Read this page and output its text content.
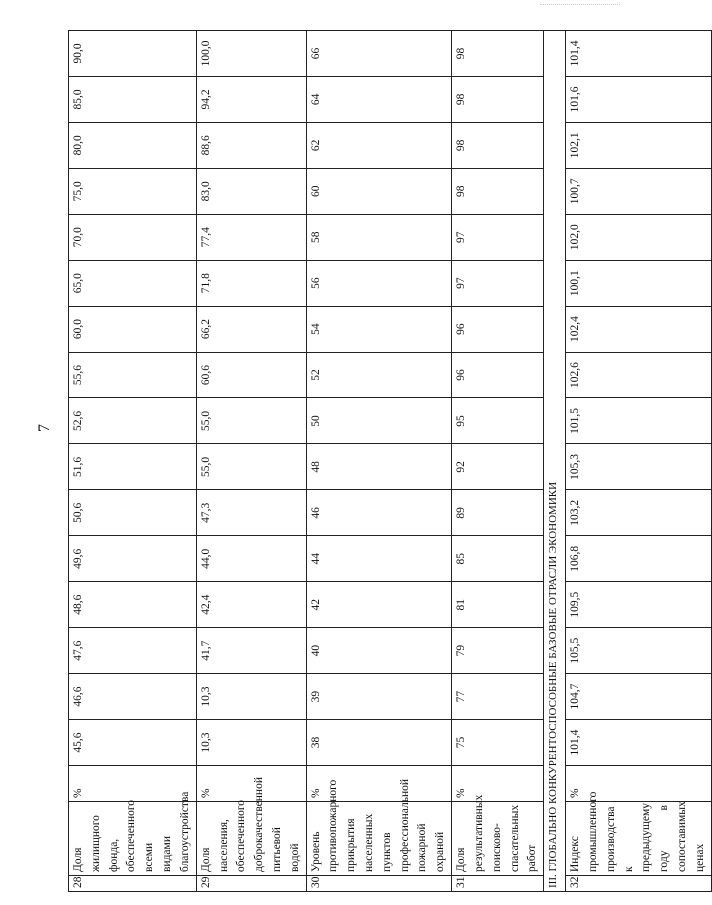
7
28	Доля жилищного фонда, обеспеченного всеми видами благоустройства	%	45,6	46,6	47,6	48,6	49,6	50,6	51,6	52,6	55,6	60,0	65,0	70,0	75,0	80,0	85,0	90,0
29	Доля населения, обеспеченного доброкачественной питьевой водой	%	10,3	10,3	41,7	42,4	44,0	47,3	55,0	55,0	60,6	66,2	71,8	77,4	83,0	88,6	94,2	100,0
30	Уровень противопожарного прикрытия населенных пунктов профессиональной пожарной охраной	%	38	39	40	42	44	46	48	50	52	54	56	58	60	62	64	66
31	Доля результативных поисково-спасательных работ	%	75	77	79	81	85	89	92	95	96	96	97	97	98	98	98	98
III. ГЛОБАЛЬНО КОНКУРЕНТОСПОСОБНЫЕ БАЗОВЫЕ ОТРАСЛИ ЭКОНОМИКИ																		
32	Индекс промышленного производства к предыдущему году в сопоставимых ценах	%	101,4	104,7	105,5	109,5	106,8	103,2	105,3	101,5	102,6	102,4	100,1	102,0	100,7	102,1	101,6	101,4
